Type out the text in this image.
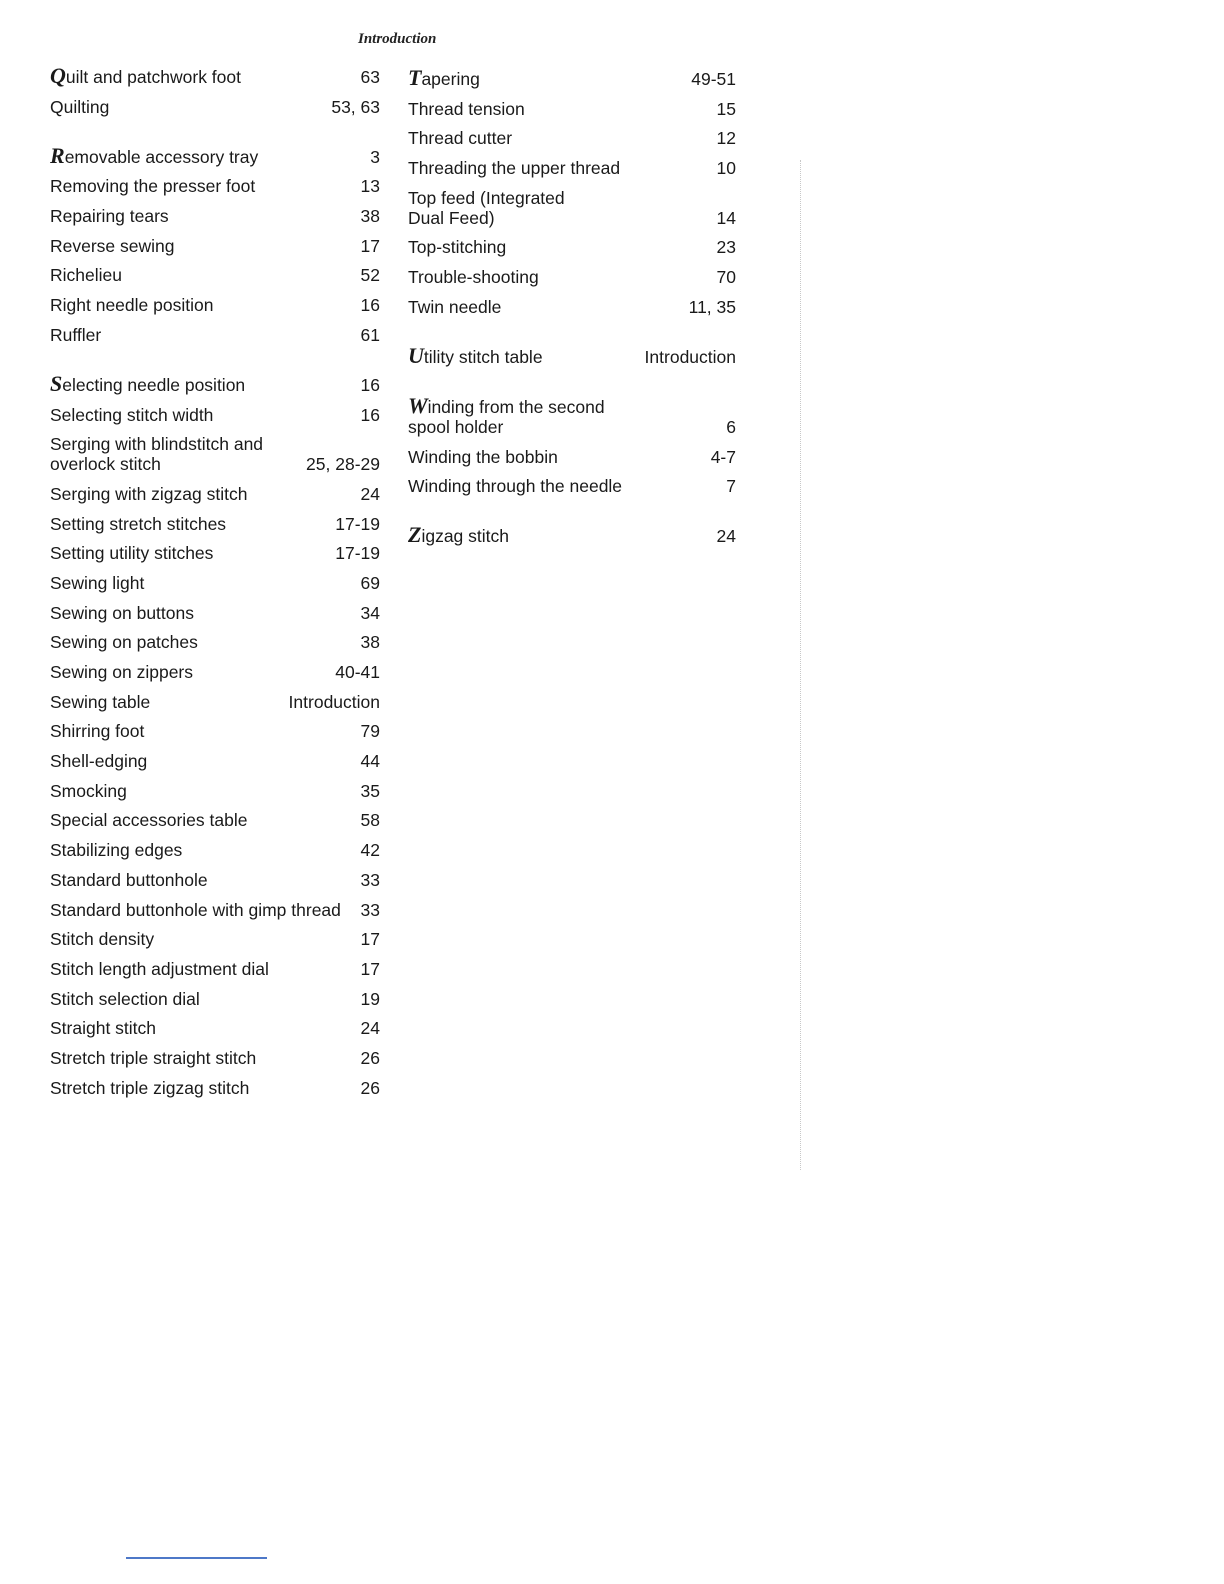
Introduction
Quilt and patchwork foot	63
Quilting	53, 63
Removable accessory tray	3
Removing the presser foot	13
Repairing tears	38
Reverse sewing	17
Richelieu	52
Right needle position	16
Ruffler	61
Selecting needle position	16
Selecting stitch width	16
Serging with blindstitch and
overlock stitch	25, 28-29
Serging with zigzag stitch	24
Setting stretch stitches	17-19
Setting utility stitches	17-19
Sewing light	69
Sewing on buttons	34
Sewing on patches	38
Sewing on zippers	40-41
Sewing table	Introduction
Shirring foot	79
Shell-edging	44
Smocking	35
Special accessories table	58
Stabilizing edges	42
Standard buttonhole	33
Standard buttonhole with gimp thread 33
Stitch density	17
Stitch length adjustment dial	17
Stitch selection dial	19
Straight stitch	24
Stretch triple straight stitch	26
Stretch triple zigzag stitch	26
Tapering	49-51
Thread tension	15
Thread cutter	12
Threading the upper thread	10
Top feed (Integrated
Dual Feed)	14
Top-stitching	23
Trouble-shooting	70
Twin needle	11, 35
Utility stitch table	Introduction
Winding from the second
spool holder	6
Winding the bobbin	4-7
Winding through the needle	7
Zigzag stitch	24
